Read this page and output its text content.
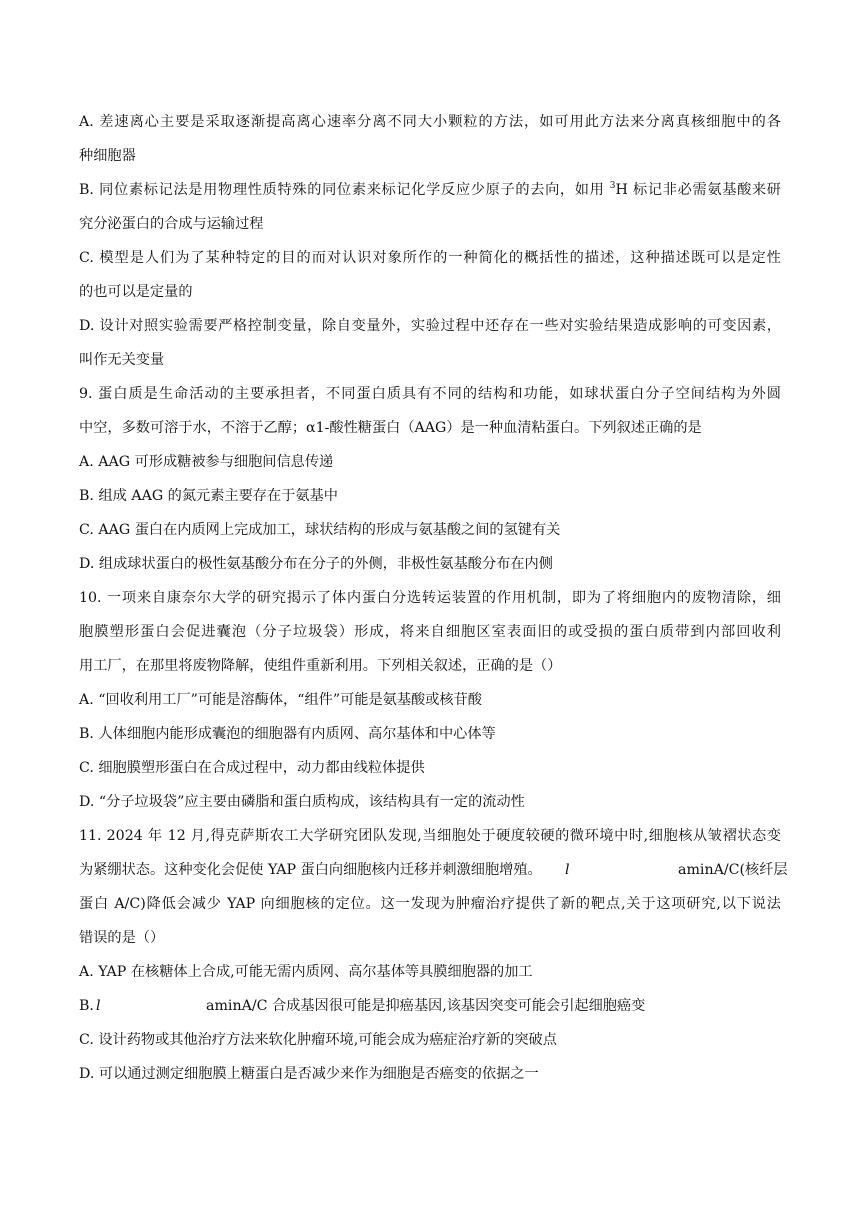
A. 差速离心主要是采取逐渐提高离心速率分离不同大小颗粒的方法，如可用此方法来分离真核细胞中的各
种细胞器
B. 同位素标记法是用物理性质特殊的同位素来标记化学反应少原子的去向，如用 $^3$H 标记非必需氨基酸来研
究分泌蛋白的合成与运输过程
C. 模型是人们为了某种特定的目的而对认识对象所作的一种简化的概括性的描述，这种描述既可以是定性
的也可以是定量的
D. 设计对照实验需要严格控制变量，除自变量外，实验过程中还存在一些对实验结果造成影响的可变因素，
叫作无关变量
9. 蛋白质是生命活动的主要承担者，不同蛋白质具有不同的结构和功能，如球状蛋白分子空间结构为外圆
中空，多数可溶于水，不溶于乙醇；α1-酸性糖蛋白（AAG）是一种血清粘蛋白。下列叙述正确的是
A. AAG 可形成糖被参与细胞间信息传递
B. 组成 AAG 的氮元素主要存在于氨基中
C. AAG 蛋白在内质网上完成加工，球状结构的形成与氨基酸之间的氢键有关
D. 组成球状蛋白的极性氨基酸分布在分子的外侧，非极性氨基酸分布在内侧
10. 一项来自康奈尔大学的研究揭示了体内蛋白分选转运装置的作用机制，即为了将细胞内的废物清除，细
胞膜塑形蛋白会促进囊泡（分子垃圾袋）形成，将来自细胞区室表面旧的或受损的蛋白质带到内部回收利
用工厂，在那里将废物降解，使组件重新利用。下列相关叙述，正确的是（）
A. “回收利用工厂”可能是溶酶体，“组件”可能是氨基酸或核苷酸
B. 人体细胞内能形成囊泡的细胞器有内质网、高尔基体和中心体等
C. 细胞膜塑形蛋白在合成过程中，动力都由线粒体提供
D. “分子垃圾袋”应主要由磷脂和蛋白质构成，该结构具有一定的流动性
11. 2024 年 12 月,得克萨斯农工大学研究团队发现,当细胞处于硬度较硬的微环境中时,细胞核从皱褶状态变
为紧绷状态。这种变化会促使 YAP 蛋白向细胞核内迁移并刺激细胞增殖。 l	aminA/C(核纤层
蛋白 A/C)降低会减少 YAP 向细胞核的定位。这一发现为肿瘤治疗提供了新的靶点,关于这项研究,以下说法
错误的是（）
A. YAP 在核糖体上合成,可能无需内质网、高尔基体等具膜细胞器的加工
B. l	aminA/C 合成基因很可能是抑癌基因,该基因突变可能会引起细胞癌变
C. 设计药物或其他治疗方法来软化肿瘤环境,可能会成为癌症治疗新的突破点
D. 可以通过测定细胞膜上糖蛋白是否减少来作为细胞是否癌变的依据之一
